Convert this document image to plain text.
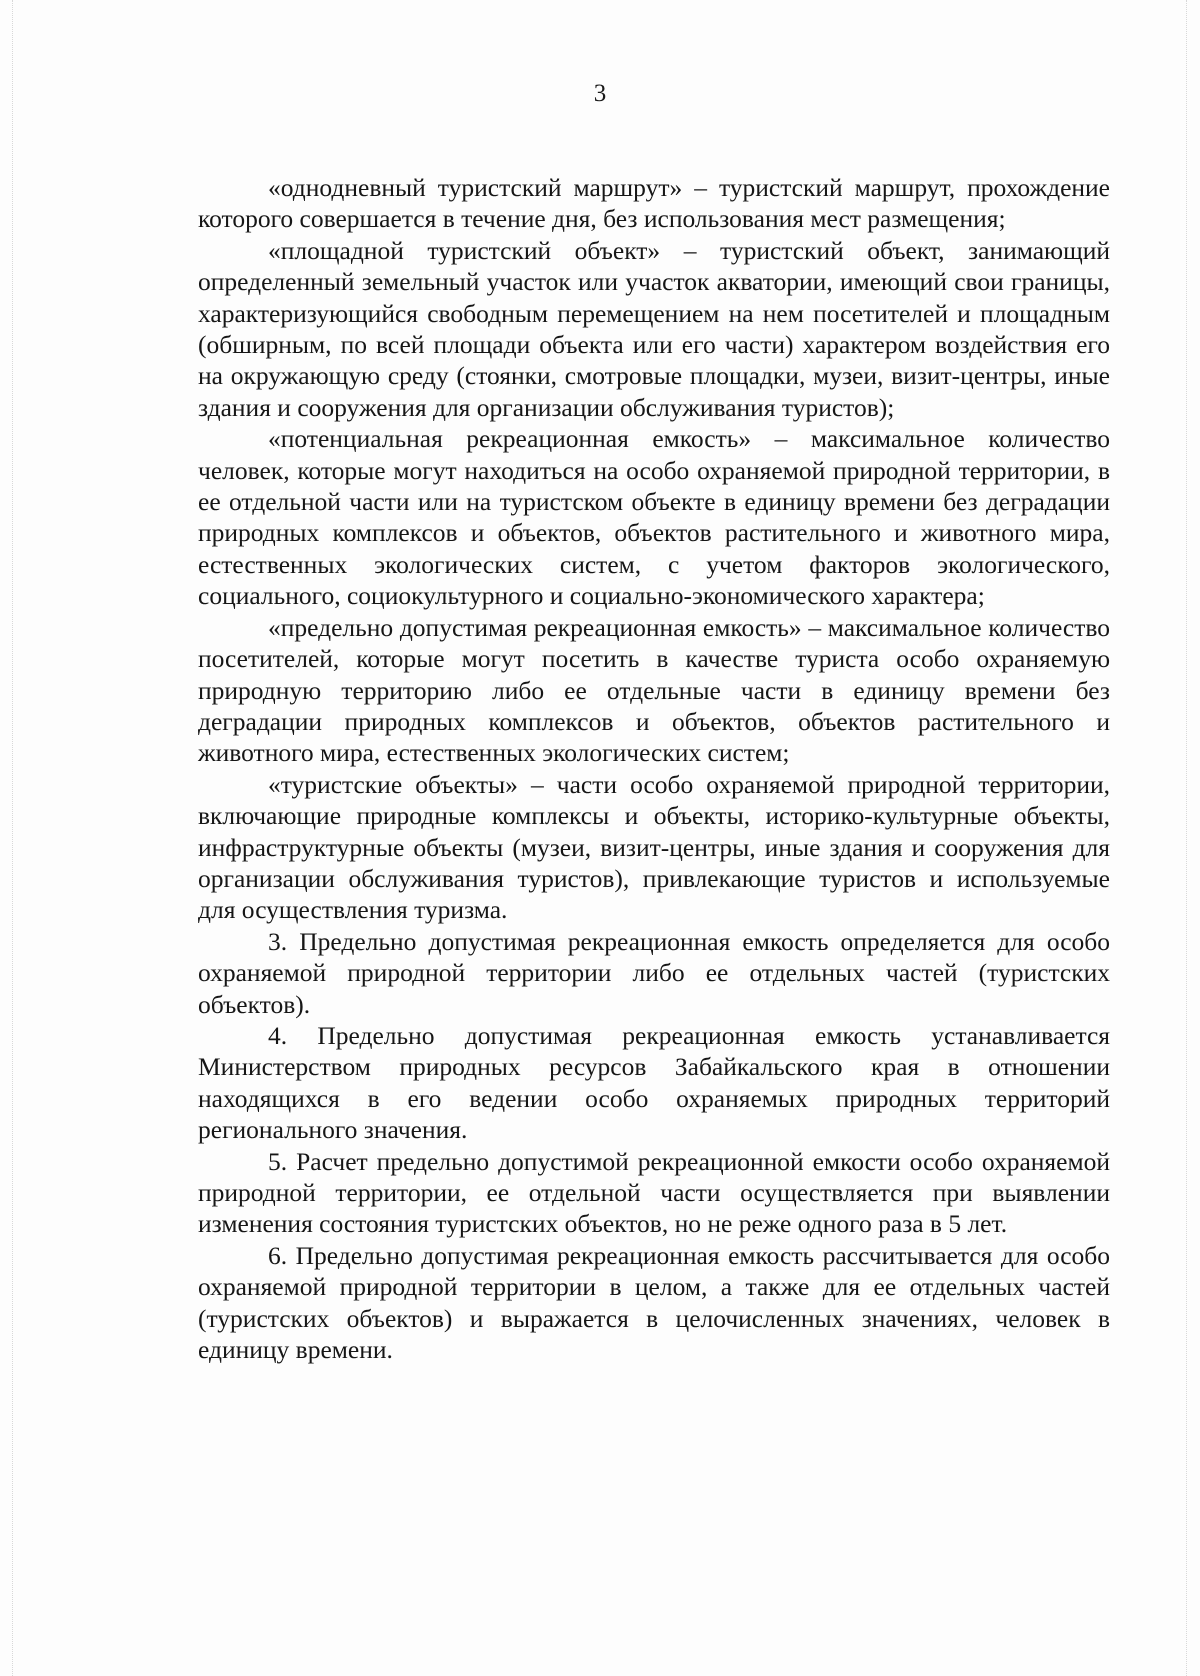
3

«однодневный туристский маршрут» – туристский маршрут, прохождение которого совершается в течение дня, без использования мест размещения;

«площадной туристский объект» – туристский объект, занимающий определенный земельный участок или участок акватории, имеющий свои границы, характеризующийся свободным перемещением на нем посетителей и площадным (обширным, по всей площади объекта или его части) характером воздействия его на окружающую среду (стоянки, смотровые площадки, музеи, визит-центры, иные здания и сооружения для организации обслуживания туристов);

«потенциальная рекреационная емкость» – максимальное количество человек, которые могут находиться на особо охраняемой природной территории, в ее отдельной части или на туристском объекте в единицу времени без деградации природных комплексов и объектов, объектов растительного и животного мира, естественных экологических систем, с учетом факторов экологического, социального, социокультурного и социально-экономического характера;

«предельно допустимая рекреационная емкость» – максимальное количество посетителей, которые могут посетить в качестве туриста особо охраняемую природную территорию либо ее отдельные части в единицу времени без деградации природных комплексов и объектов, объектов растительного и животного мира, естественных экологических систем;

«туристские объекты» – части особо охраняемой природной территории, включающие природные комплексы и объекты, историко-культурные объекты, инфраструктурные объекты (музеи, визит-центры, иные здания и сооружения для организации обслуживания туристов), привлекающие туристов и используемые для осуществления туризма.

3. Предельно допустимая рекреационная емкость определяется для особо охраняемой природной территории либо ее отдельных частей (туристских объектов).

4. Предельно допустимая рекреационная емкость устанавливается Министерством природных ресурсов Забайкальского края в отношении находящихся в его ведении особо охраняемых природных территорий регионального значения.

5. Расчет предельно допустимой рекреационной емкости особо охраняемой природной территории, ее отдельной части осуществляется при выявлении изменения состояния туристских объектов, но не реже одного раза в 5 лет.

6. Предельно допустимая рекреационная емкость рассчитывается для особо охраняемой природной территории в целом, а также для ее отдельных частей (туристских объектов) и выражается в целочисленных значениях, человек в единицу времени.
